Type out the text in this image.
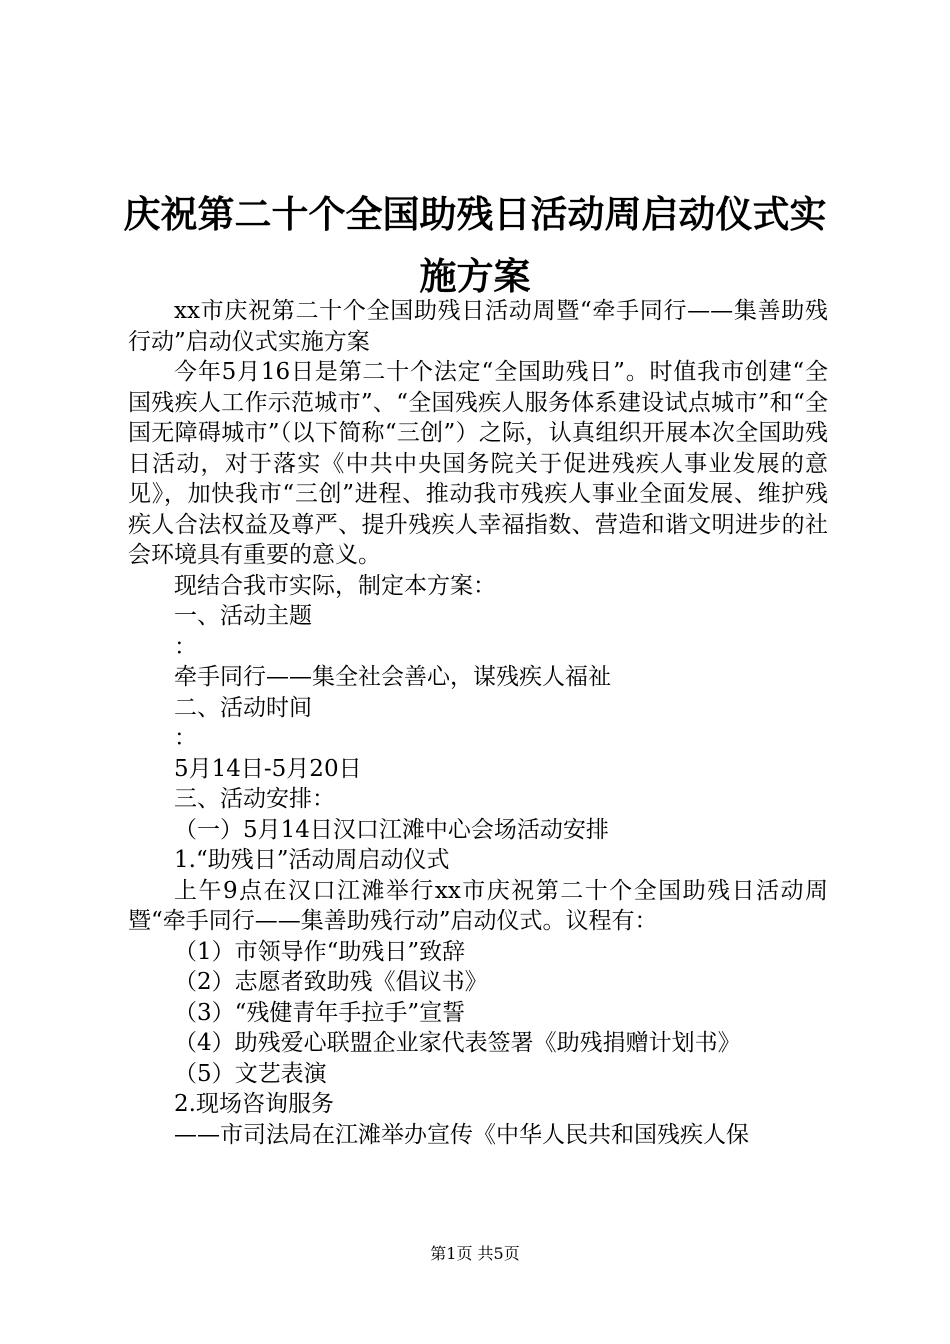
庆祝第二十个全国助残日活动周启动仪式实施方案

xx市庆祝第二十个全国助残日活动周暨“牵手同行——集善助残行动”启动仪式实施方案

今年5月16日是第二十个法定“全国助残日”。时值我市创建“全国残疾人工作示范城市”、“全国残疾人服务体系建设试点城市”和“全国无障碍城市”（以下简称“三创”）之际，认真组织开展本次全国助残日活动，对于落实《中共中央国务院关于促进残疾人事业发展的意见》，加快我市“三创”进程、推动我市残疾人事业全面发展、维护残疾人合法权益及尊严、提升残疾人幸福指数、营造和谐文明进步的社会环境具有重要的意义。

现结合我市实际，制定本方案：

一、活动主题

：

牵手同行——集全社会善心，谋残疾人福祉

二、活动时间

：

5月14日-5月20日

三、活动安排：

（一）5月14日汉口江滩中心会场活动安排

1.“助残日”活动周启动仪式

上午9点在汉口江滩举行xx市庆祝第二十个全国助残日活动周暨“牵手同行——集善助残行动”启动仪式。议程有：

（1）市领导作“助残日”致辞

（2）志愿者致助残《倡议书》

（3）“残健青年手拉手”宣誓

（4）助残爱心联盟企业家代表签署《助残捐赠计划书》

（5）文艺表演

2.现场咨询服务

——市司法局在江滩举办宣传《中华人民共和国残疾人保

第1页 共5页
